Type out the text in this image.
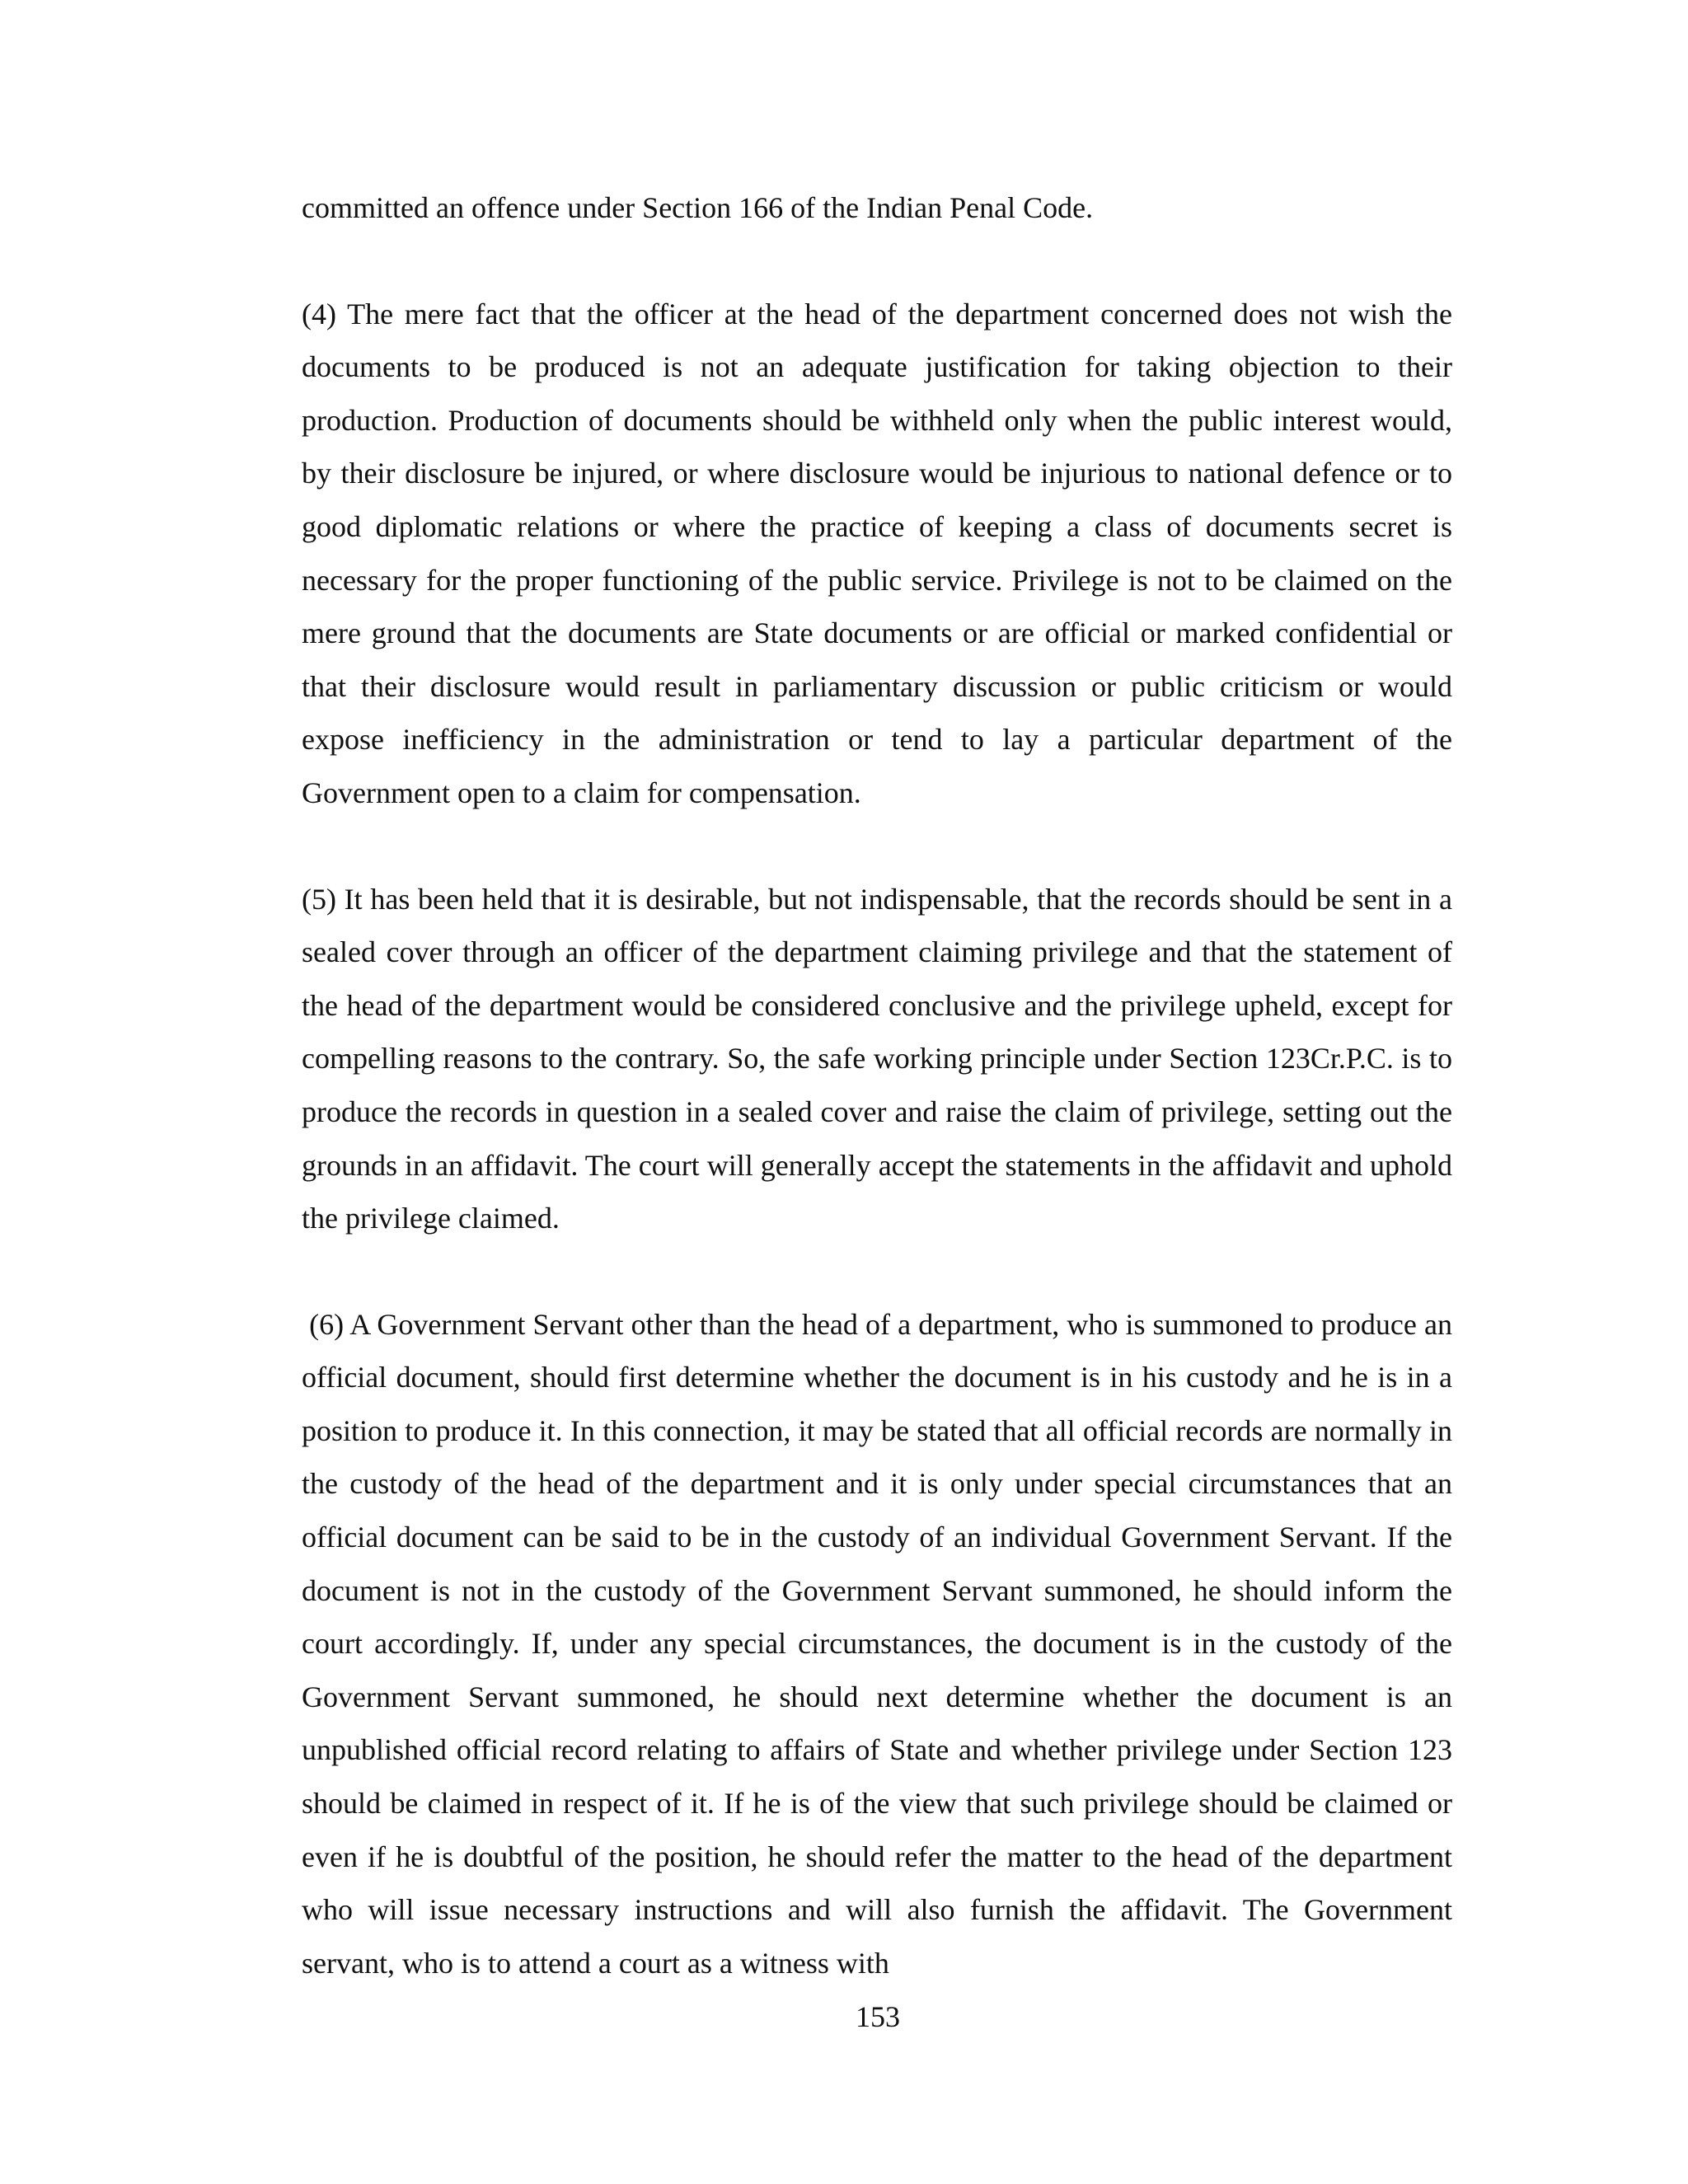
committed an offence under Section 166 of the Indian Penal Code.

(4) The mere fact that the officer at the head of the department concerned does not wish the documents to be produced is not an adequate justification for taking objection to their production. Production of documents should be withheld only when the public interest would, by their disclosure be injured, or where disclosure would be injurious to national defence or to good diplomatic relations or where the practice of keeping a class of documents secret is necessary for the proper functioning of the public service. Privilege is not to be claimed on the mere ground that the documents are State documents or are official or marked confidential or that their disclosure would result in parliamentary discussion or public criticism or would expose inefficiency in the administration or tend to lay a particular department of the Government open to a claim for compensation.

(5) It has been held that it is desirable, but not indispensable, that the records should be sent in a sealed cover through an officer of the department claiming privilege and that the statement of the head of the department would be considered conclusive and the privilege upheld, except for compelling reasons to the contrary. So, the safe working principle under Section 123Cr.P.C. is to produce the records in question in a sealed cover and raise the claim of privilege, setting out the grounds in an affidavit. The court will generally accept the statements in the affidavit and uphold the privilege claimed.

(6) A Government Servant other than the head of a department, who is summoned to produce an official document, should first determine whether the document is in his custody and he is in a position to produce it. In this connection, it may be stated that all official records are normally in the custody of the head of the department and it is only under special circumstances that an official document can be said to be in the custody of an individual Government Servant. If the document is not in the custody of the Government Servant summoned, he should inform the court accordingly. If, under any special circumstances, the document is in the custody of the Government Servant summoned, he should next determine whether the document is an unpublished official record relating to affairs of State and whether privilege under Section 123 should be claimed in respect of it. If he is of the view that such privilege should be claimed or even if he is doubtful of the position, he should refer the matter to the head of the department who will issue necessary instructions and will also furnish the affidavit. The Government servant, who is to attend a court as a witness with

153
